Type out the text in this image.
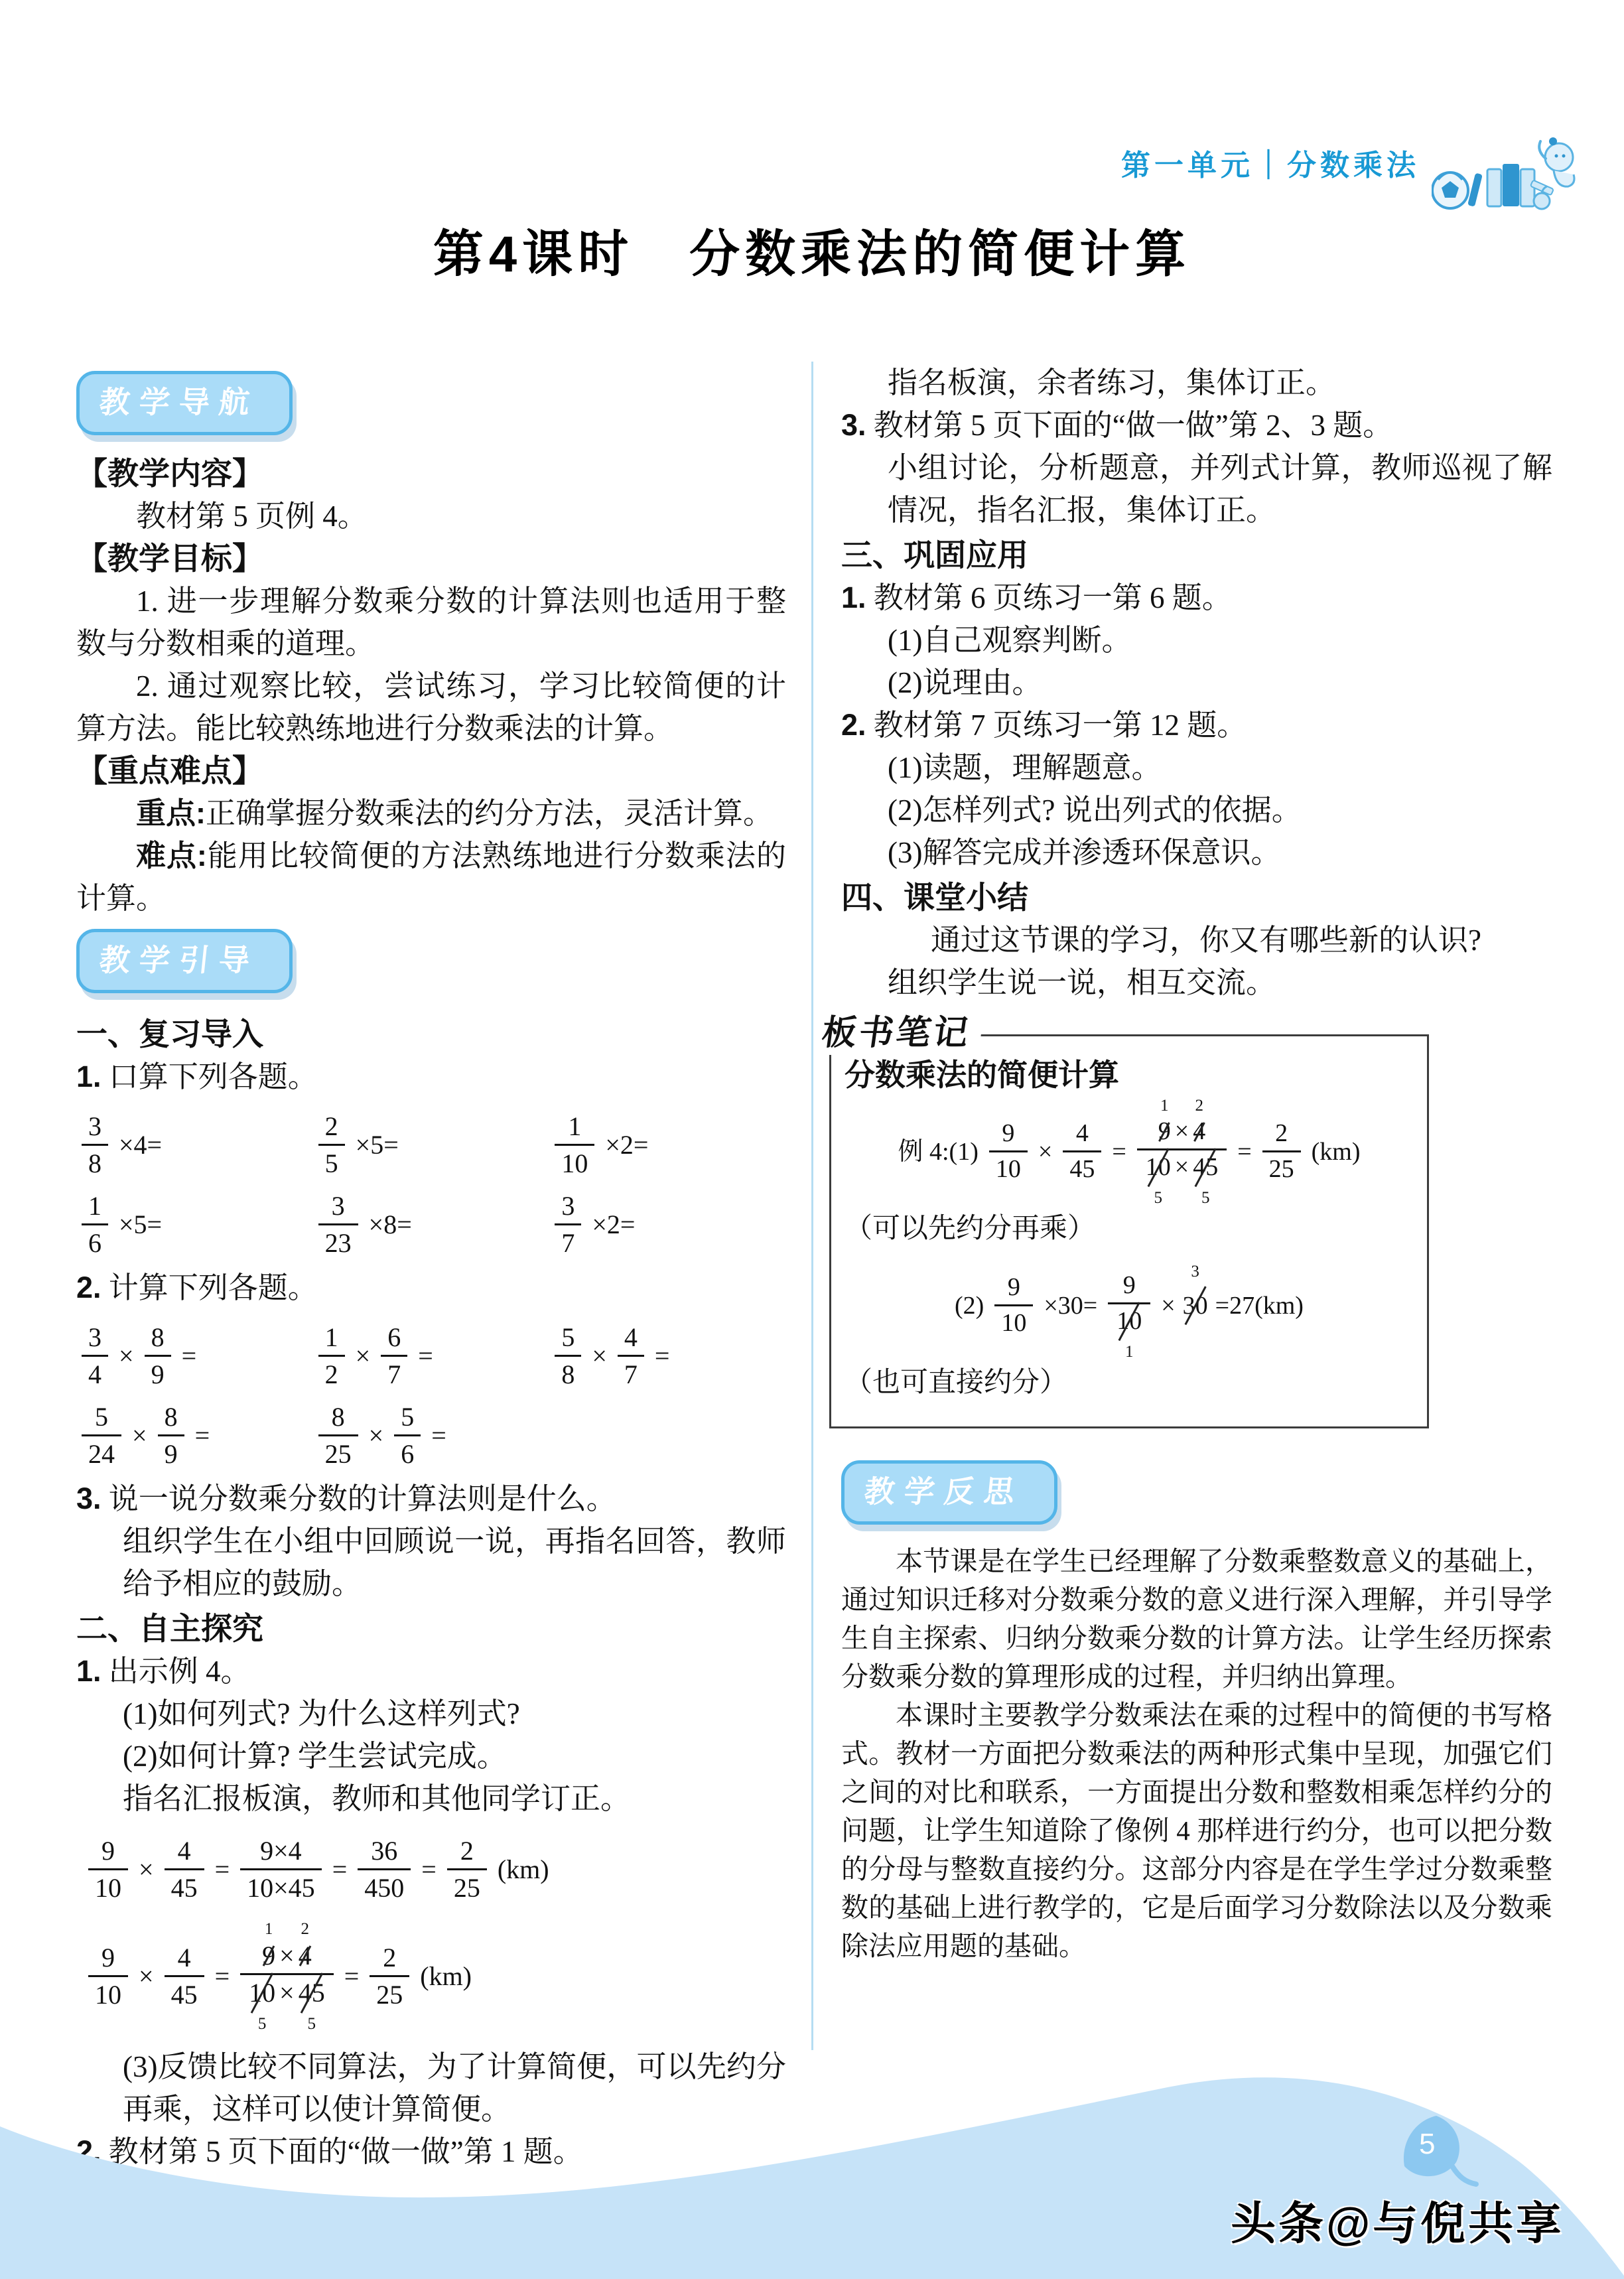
第一单元｜分数乘法
第4课时　分数乘法的简便计算
教学导航

【教学内容】

教材第 5 页例 4。

【教学目标】

1. 进一步理解分数乘分数的计算法则也适用于整数与分数相乘的道理。

2. 通过观察比较，尝试练习，学习比较简便的计算方法。能比较熟练地进行分数乘法的计算。

【重点难点】

重点:正确掌握分数乘法的约分方法，灵活计算。

难点:能用比较简便的方法熟练地进行分数乘法的计算。

教学引导

一、复习导入

1. 口算下列各题。

$\frac{3}{8} \times 4=$	$\frac{2}{5} \times 5=$	$\frac{1}{10} \times 2=$
$\frac{1}{6} \times 5=$	$\frac{3}{23} \times 8=$	$\frac{3}{7} \times 2=$

2. 计算下列各题。

$\frac{3}{4} \times \frac{8}{9}$ =	$\frac{1}{2} \times \frac{6}{7}$ =	$\frac{5}{8} \times \frac{4}{7}$ =
$\frac{5}{24} \times \frac{8}{9}$ =	$\frac{8}{25} \times \frac{5}{6}$ =

3. 说一说分数乘分数的计算法则是什么。

组织学生在小组中回顾说一说，再指名回答，教师给予相应的鼓励。

二、自主探究

1. 出示例 4。

(1)如何列式? 为什么这样列式?

(2)如何计算? 学生尝试完成。

指名汇报板演，教师和其他同学订正。

$\frac{9}{10} \times \frac{4}{45} = \frac{9\times 4}{10\times 45} = \frac{36}{450} = \frac{2}{25} (km)$
$\frac{9}{10} \times \frac{4}{45} = 9$
1
× 4
2
10
5
× 45
$5 = \frac{2}{25} (km)$

(3)反馈比较不同算法，为了计算简便，可以先约分再乘，这样可以使计算简便。

2. 教材第 5 页下面的“做一做”第 1 题。

指名板演，余者练习，集体订正。

3. 教材第 5 页下面的“做一做”第 2、3 题。

小组讨论，分析题意，并列式计算，教师巡视了解情况，指名汇报，集体订正。

三、巩固应用

1. 教材第 6 页练习一第 6 题。

(1)自己观察判断。

(2)说理由。

2. 教材第 7 页练习一第 12 题。

(1)读题，理解题意。

(2)怎样列式? 说出列式的依据。

(3)解答完成并渗透环保意识。

四、课堂小结

通过这节课的学习，你又有哪些新的认识?

组织学生说一说，相互交流。

板书笔记

分数乘法的简便计算

例 4:(1) $\frac{9}{10} \times \frac{4}{45} = 9$
1
× 4
2
10
5
× 45
$5 = \frac{2}{25} (km)$

（可以先约分再乘）

$(2) \frac{9}{10} \times 30= 9$
10
1 × 30
3
=27(km)

（也可直接约分）

教学反思

本节课是在学生已经理解了分数乘整数意义的基础上，通过知识迁移对分数乘分数的意义进行深入理解，并引导学生自主探索、归纳分数乘分数的计算方法。让学生经历探索分数乘分数的算理形成的过程，并归纳出算理。

本课时主要教学分数乘法在乘的过程中的简便的书写格式。教材一方面把分数乘法的两种形式集中呈现，加强它们之间的对比和联系，一方面提出分数和整数相乘怎样约分的问题，让学生知道除了像例 4 那样进行约分，也可以把分数的分母与整数直接约分。这部分内容是在学生学过分数乘整数的基础上进行教学的，它是后面学习分数除法以及分数乘除法应用题的基础。

5
头条@与倪共享
